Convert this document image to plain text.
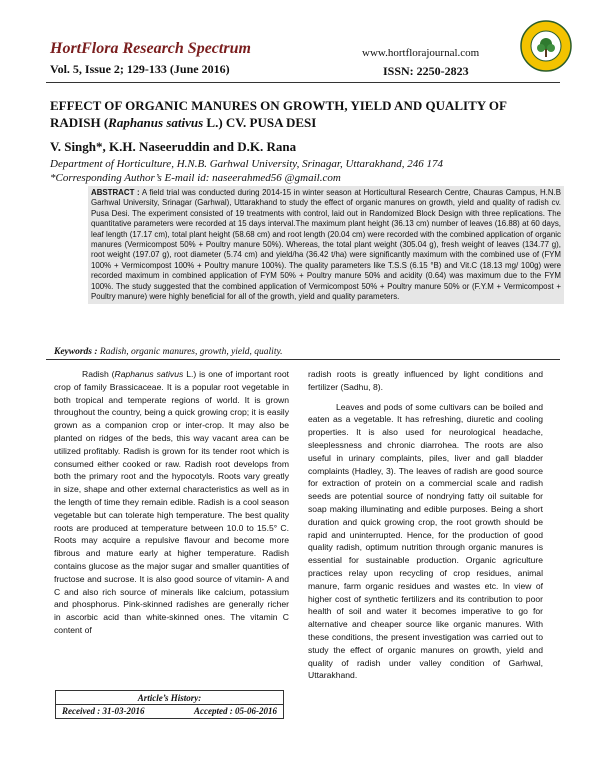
HortFlora Research Spectrum
Vol. 5, Issue 2; 129-133 (June 2016)
www.hortflorajournal.com
ISSN: 2250-2823
EFFECT OF ORGANIC MANURES ON GROWTH, YIELD AND QUALITY OF RADISH (Raphanus sativus L.) CV. PUSA DESI
V. Singh*, K.H. Naseeruddin and D.K. Rana
Department of Horticulture, H.N.B. Garhwal University, Srinagar, Uttarakhand, 246 174
*Corresponding Author’s E-mail id: naseerahmed56 @gmail.com
ABSTRACT : A field trial was conducted during 2014-15 in winter season at Horticultural Research Centre, Chauras Campus, H.N.B Garhwal University, Srinagar (Garhwal), Uttarakhand to study the effect of organic manures on growth, yield and quality of radish cv. Pusa Desi. The experiment consisted of 19 treatments with control, laid out in Randomized Block Design with three replications. The quantitative parameters were recorded at 15 days interval.The maximum plant height (36.13 cm) number of leaves (16.88) at 60 days, leaf length (17.17 cm), total plant height (58.68 cm) and root length (20.04 cm) were recorded with the combined application of organic manures (Vermicompost 50% + Poultry manure 50%). Whereas, the total plant weight (305.04 g), fresh weight of leaves (134.77 g), root weight (197.07 g), root diameter (5.74 cm) and yield/ha (36.42 t/ha) were significantly maximum with the combined use of (FYM 100% + Vermicompost 100% + Poultry manure 100%). The quality parameters like T.S.S (6.15 °B) and Vit.C (18.13 mg/ 100g) were recorded maximum in combined application of FYM 50% + Poultry manure 50% and acidity (0.64) was maximum due to the FYM 100%. The study suggested that the combined application of Vermicompost 50% + Poultry manure 50% or (F.Y.M + Vermicompost + Poultry manure) were highly beneficial for all of the growth, yield and quality parameters.
Keywords : Radish, organic manures, growth, yield, quality.

Radish (Raphanus sativus L.) is one of important root crop of family Brassicaceae. It is a popular root vegetable in both tropical and temperate regions of world. It is grown throughout the country, being a quick growing crop; it is easily grown as a companion crop or inter-crop. It may also be planted on ridges of the beds, this way vacant area can be utilized profitably. Radish is grown for its tender root which is consumed either cooked or raw. Radish root develops from both the primary root and the hypocotyls. Roots vary greatly in size, shape and other external characteristics as well as in the length of time they remain edible. Radish is a cool season vegetable but can tolerate high temperature. The best quality roots are produced at temperature between 10.0 to 15.5° C. Roots may acquire a repulsive flavour and become more fibrous and mature early at higher temperature. Radish contains glucose as the major sugar and smaller quantities of fructose and sucrose. It is also good source of vitamin- A and C and also rich source of minerals like calcium, potassium and phosphorus. Pink-skinned radishes are generally richer in ascorbic acid than white-skinned ones. The vitamin C content of

radish roots is greatly influenced by light conditions and fertilizer (Sadhu, 8).

Leaves and pods of some cultivars can be boiled and eaten as a vegetable. It has refreshing, diuretic and cooling properties. It is also used for neurological headache, sleeplessness and chronic diarrohea. The roots are also useful in urinary complaints, piles, liver and gall bladder complaints (Hadley, 3). The leaves of radish are good source for extraction of protein on a commercial scale and radish seeds are potential source of nondrying fatty oil suitable for soap making illuminating and edible purposes. Being a short duration and quick growing crop, the root growth should be rapid and uninterrupted. Hence, for the production of good quality radish, optimum nutrition through organic manures is essential for sustainable production. Organic agriculture practices relay upon recycling of crop residues, animal manure, farm organic residues and wastes etc. In view of higher cost of synthetic fertilizers and its contribution to poor health of soil and water it becomes imperative to go for alternative and cheaper source like organic manures. With these conditions, the present investigation was carried out to study the effect of organic manures on growth, yield and quality of radish under valley condition of Garhwal, Uttarakhand.

Article’s History:
Received : 31-03-2016	Accepted : 05-06-2016
